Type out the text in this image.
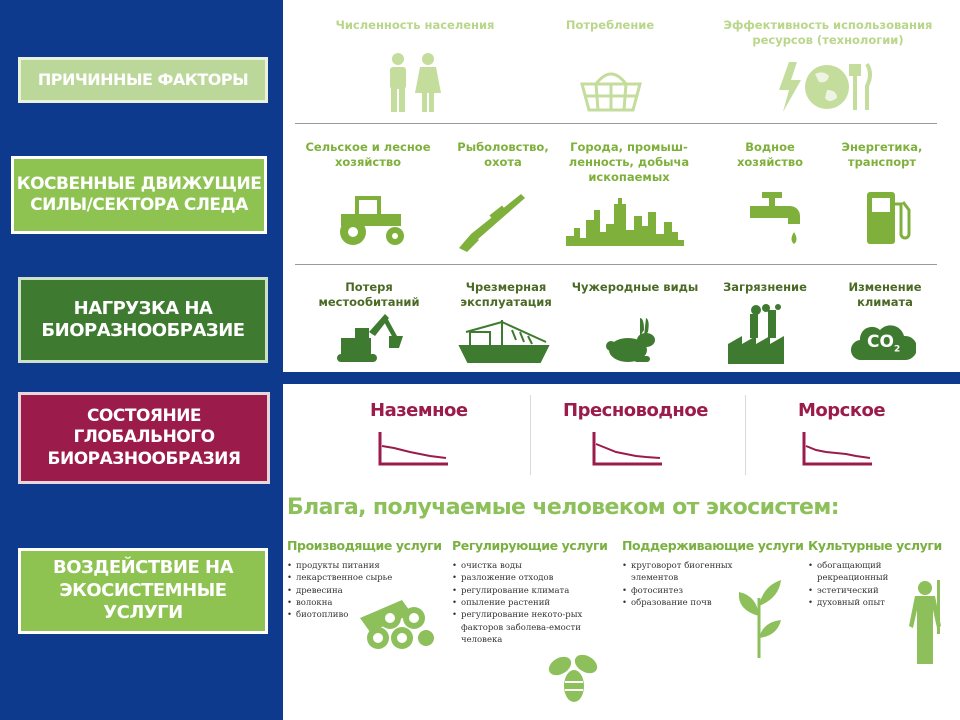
ПРИЧИННЫЕ ФАКТОРЫ
КОСВЕННЫЕ ДВИЖУЩИЕ СИЛЫ/СЕКТОРА СЛЕДА
НАГРУЗКА НА БИОРАЗНООБРАЗИЕ
СОСТОЯНИЕ ГЛОБАЛЬНОГО БИОРАЗНООБРАЗИЯ
ВОЗДЕЙСТВИЕ НА ЭКОСИСТЕМНЫЕ УСЛУГИ
Численность населения	Потребление	Эффективность использования ресурсов (технологии)
Сельское и лесное хозяйство
Рыболовство, охота
Города, промыш-ленность, добыча ископаемых
Водное хозяйство
Энергетика, транспорт
Потеря местообитаний
Чрезмерная эксплуатация
Чужеродные виды	Загрязнение	Изменение климата
$CO_2$
Наземное	Пресноводное	Морское
Блага, получаемые человеком от экосистем:
Производящие услуги
• продукты питания
• лекарственное сырье
• древесина
• волокна
• биотопливо
Регулирующие услуги
• очистка воды
• разложение отходов
• регулирование климата
• опыление растений
• регулирование некото-рых факторов заболева-емости человека
Поддерживающие услуги
• круговорот биогенных элементов
• фотосинтез
• образование почв
Культурные услуги
• обогащающий рекреационный
• эстетический
• духовный опыт
